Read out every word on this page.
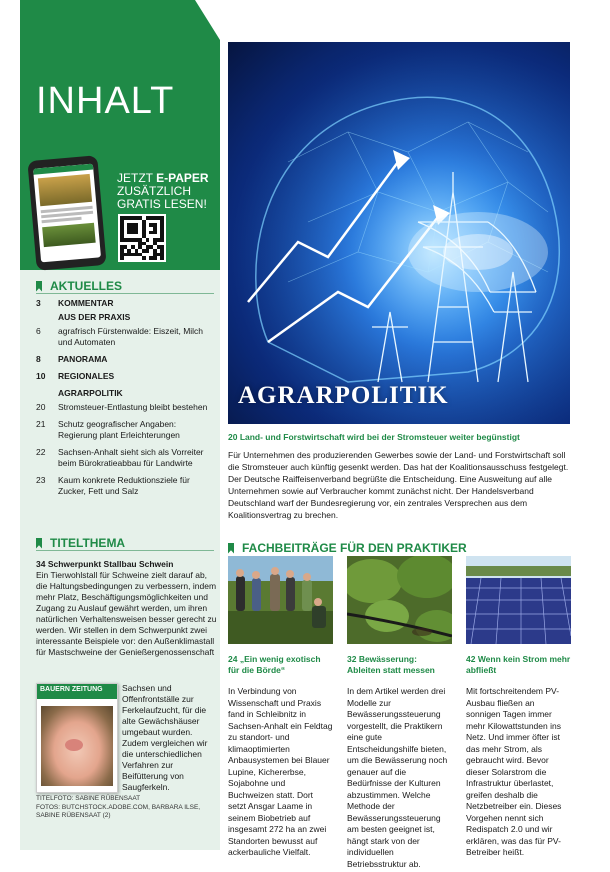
INHALT
JETZT E-PAPER
ZUSÄTZLICH
GRATIS LESEN!
AKTUELLES
3	KOMMENTAR
AUS DER PRAXIS
6	agrafrisch Fürstenwalde: Eiszeit, Milch und Automaten
8	PANORAMA
10	REGIONALES
AGRARPOLITIK
20	Stromsteuer-Entlastung bleibt bestehen
21	Schutz geografischer Angaben: Regierung plant Erleichterungen
22	Sachsen-Anhalt sieht sich als Vorreiter beim Bürokratieabbau für Landwirte
23	Kaum konkrete Reduktionsziele für Zucker, Fett und Salz
TITELTHEMA
34 Schwerpunkt Stallbau Schwein
Ein Tierwohlstall für Schweine zielt darauf ab, die Haltungsbedingungen zu verbessern, indem mehr Platz, Beschäftigungsmöglichkeiten und Zugang zu Auslauf gewährt werden, um ihren natürlichen Verhaltensweisen besser gerecht zu werden. Wir stellen in dem Schwerpunkt zwei interessante Beispiele vor: den Außenklimastall für Mastschweine der Genießergenossenschaft
BAUERN ZEITUNG	Sachsen und Offenfrontställe zur Ferkelaufzucht, für die alte Gewächshäuser umgebaut wurden. Zudem vergleichen wir die unterschiedlichen Verfahren zur Beifütterung von Saugferkeln.
TITELFOTO: SABINE RÜBENSAAT
FOTOS: BUTCHSTOCK.ADOBE.COM, BARBARA ILSE, SABINE RÜBENSAAT (2)
AGRARPOLITIK
20 Land- und Forstwirtschaft wird bei der Stromsteuer weiter begünstigt
Für Unternehmen des produzierenden Gewerbes sowie der Land- und Forstwirtschaft soll die Stromsteuer auch künftig gesenkt werden. Das hat der Koalitionsausschuss festgelegt. Der Deutsche Raiffeisenverband begrüßte die Entscheidung. Eine Ausweitung auf alle Unternehmen sowie auf Verbraucher kommt zunächst nicht. Der Handelsverband Deutschland warf der Bundesregierung vor, ein zentrales Versprechen aus dem Koalitionsvertrag zu brechen.
FACHBEITRÄGE FÜR DEN PRAKTIKER
24 „Ein wenig exotisch für die Börde“
In Verbindung von Wissenschaft und Praxis fand in Schleibnitz in Sachsen-Anhalt ein Feldtag zu standort- und klimaoptimierten Anbausystemen bei Blauer Lupine, Kichererbse, Sojabohne und Buchweizen statt. Dort setzt Ansgar Laame in seinem Biobetrieb auf insgesamt 272 ha an zwei Standorten bewusst auf ackerbauliche Vielfalt.
32 Bewässerung: Ableiten statt messen
In dem Artikel werden drei Modelle zur Bewässerungssteuerung vorgestellt, die Praktikern eine gute Entscheidungshilfe bieten, um die Bewässerung noch genauer auf die Bedürfnisse der Kulturen abzustimmen. Welche Methode der Bewässerungssteuerung am besten geeignet ist, hängt stark von der individuellen Betriebsstruktur ab.
42 Wenn kein Strom mehr abfließt
Mit fortschreitendem PV-Ausbau fließen an sonnigen Tagen immer mehr Kilowattstunden ins Netz. Und immer öfter ist das mehr Strom, als gebraucht wird. Bevor dieser Solarstrom die Infrastruktur überlastet, greifen deshalb die Netzbetreiber ein. Dieses Vorgehen nennt sich Redispatch 2.0 und wir erklären, was das für PV-Betreiber heißt.
